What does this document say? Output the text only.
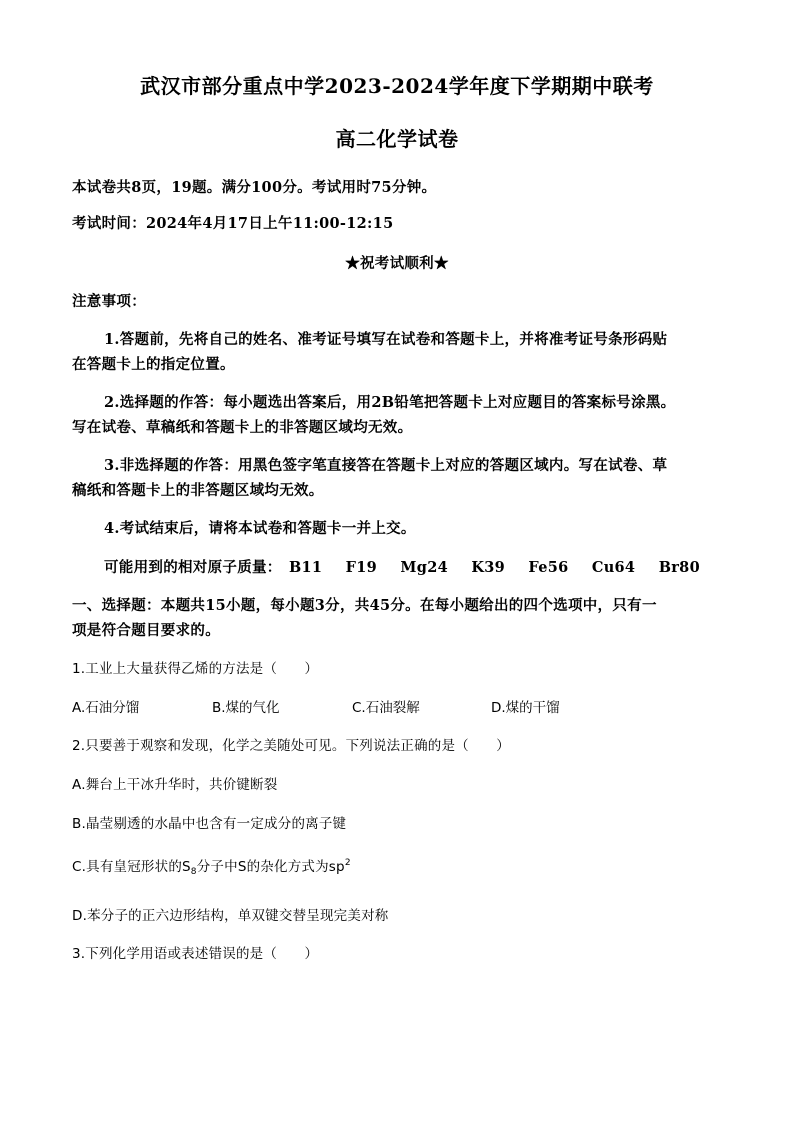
武汉市部分重点中学2023-2024学年度下学期期中联考
高二化学试卷
本试卷共8页，19题。满分100分。考试用时75分钟。
考试时间：2024年4月17日上午11:00-12:15
★祝考试顺利★
注意事项：
1.答题前，先将自己的姓名、准考证号填写在试卷和答题卡上，并将准考证号条形码贴
在答题卡上的指定位置。
2.选择题的作答：每小题选出答案后，用2B铅笔把答题卡上对应题目的答案标号涂黑。
写在试卷、草稿纸和答题卡上的非答题区域均无效。
3.非选择题的作答：用黑色签字笔直接答在答题卡上对应的答题区域内。写在试卷、草
稿纸和答题卡上的非答题区域均无效。
4.考试结束后，请将本试卷和答题卡一并上交。
可能用到的相对原子质量： B11 F19 Mg24 K39 Fe56 Cu64 Br80
一、选择题：本题共15小题，每小题3分，共45分。在每小题给出的四个选项中，只有一
项是符合题目要求的。
1.工业上大量获得乙烯的方法是（　　）
A.石油分馏	B.煤的气化	C.石油裂解	D.煤的干馏
2.只要善于观察和发现，化学之美随处可见。下列说法正确的是（　　）
A.舞台上干冰升华时，共价键断裂
B.晶莹剔透的水晶中也含有一定成分的离子键
C.具有皇冠形状的$S_8$分子中S的杂化方式为$sp^2$
D.苯分子的正六边形结构，单双键交替呈现完美对称
3.下列化学用语或表述错误的是（　　）
